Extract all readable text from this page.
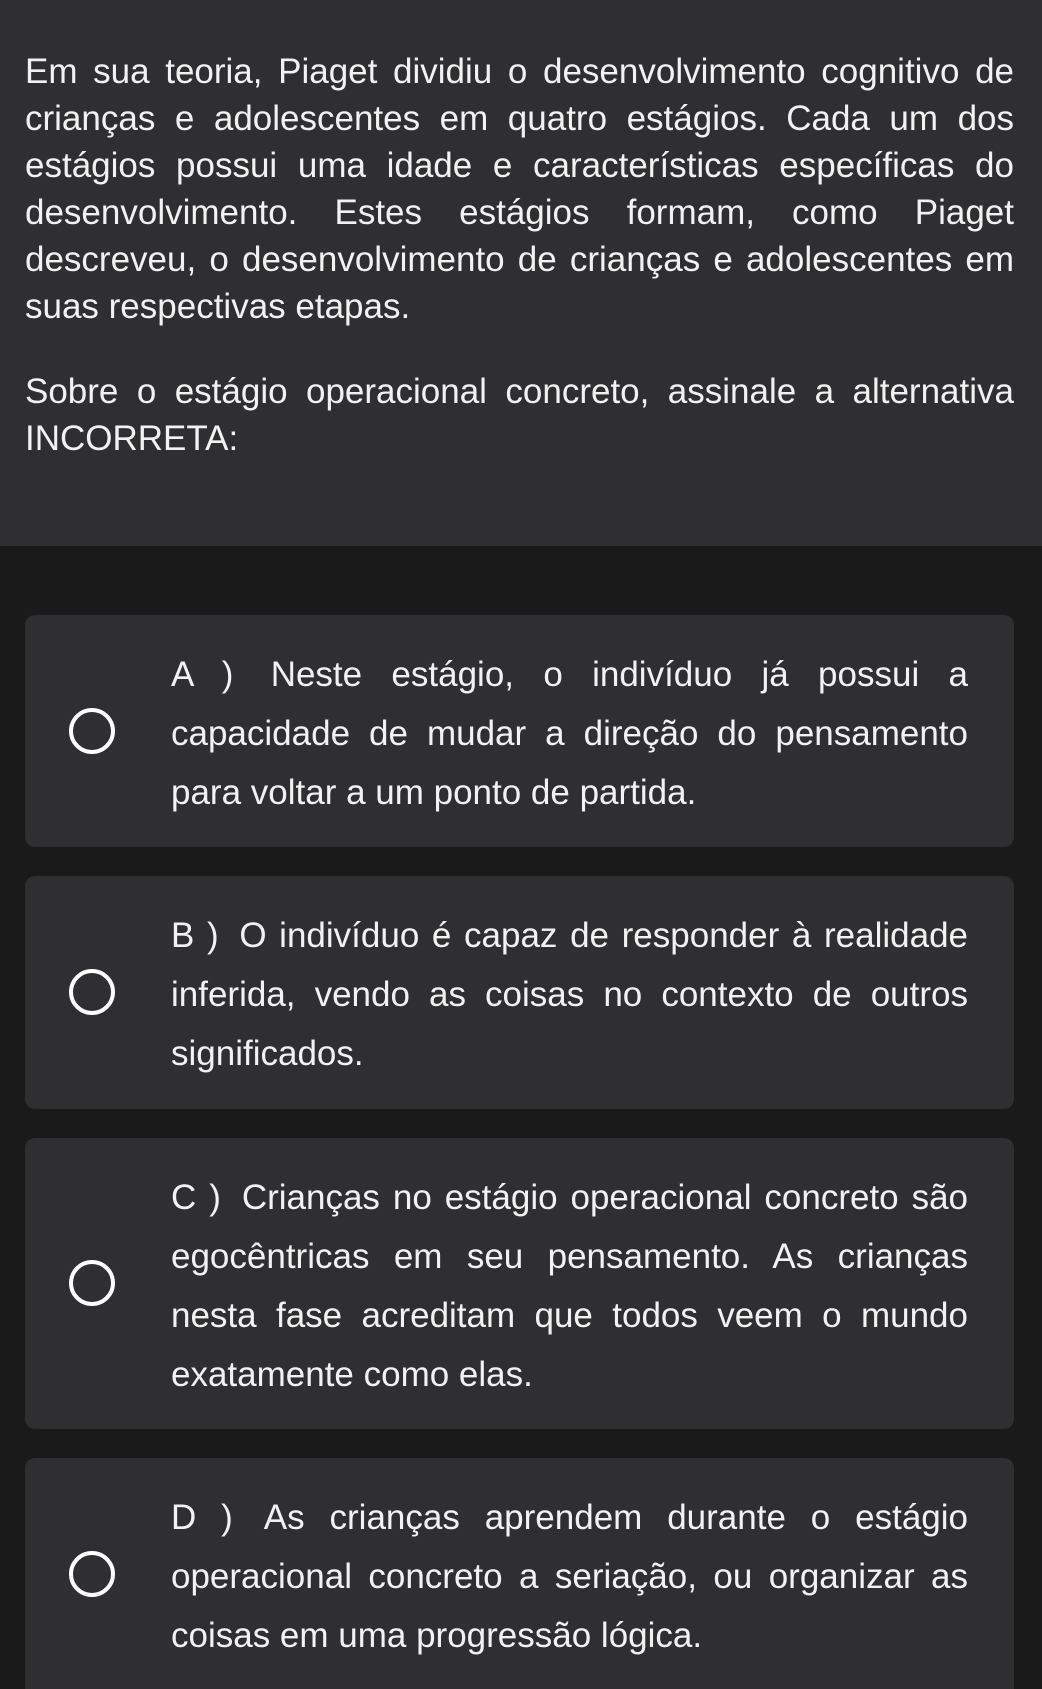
Em sua teoria, Piaget dividiu o desenvolvimento cognitivo de crianças e adolescentes em quatro estágios. Cada um dos estágios possui uma idade e características específicas do desenvolvimento. Estes estágios formam, como Piaget descreveu, o desenvolvimento de crianças e adolescentes em suas respectivas etapas.

Sobre o estágio operacional concreto, assinale a alternativa INCORRETA:

A ) Neste estágio, o indivíduo já possui a capacidade de mudar a direção do pensamento para voltar a um ponto de partida.
B ) O indivíduo é capaz de responder à realidade inferida, vendo as coisas no contexto de outros significados.
C ) Crianças no estágio operacional concreto são egocêntricas em seu pensamento. As crianças nesta fase acreditam que todos veem o mundo exatamente como elas.
D ) As crianças aprendem durante o estágio operacional concreto a seriação, ou organizar as coisas em uma progressão lógica.
